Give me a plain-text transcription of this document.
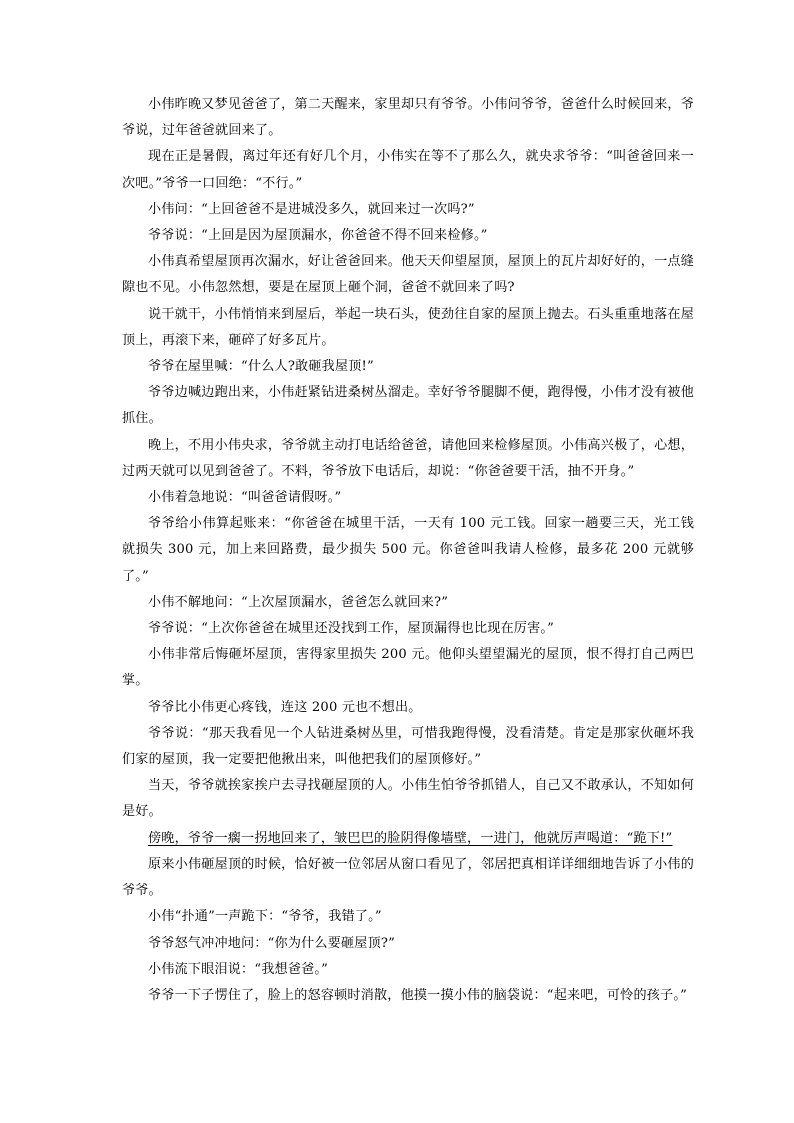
小伟昨晚又梦见爸爸了，第二天醒来，家里却只有爷爷。小伟问爷爷，爸爸什么时候回来，爷爷说，过年爸爸就回来了。

现在正是暑假，离过年还有好几个月，小伟实在等不了那么久，就央求爷爷：“叫爸爸回来一次吧。”爷爷一口回绝：“不行。”

小伟问：“上回爸爸不是进城没多久，就回来过一次吗?”

爷爷说：“上回是因为屋顶漏水，你爸爸不得不回来检修。”

小伟真希望屋顶再次漏水，好让爸爸回来。他天天仰望屋顶，屋顶上的瓦片却好好的，一点缝隙也不见。小伟忽然想，要是在屋顶上砸个洞，爸爸不就回来了吗?

说干就干，小伟悄悄来到屋后，举起一块石头，使劲往自家的屋顶上抛去。石头重重地落在屋顶上，再滚下来，砸碎了好多瓦片。

爷爷在屋里喊：“什么人?敢砸我屋顶!”

爷爷边喊边跑出来，小伟赶紧钻进桑树丛溜走。幸好爷爷腿脚不便，跑得慢，小伟才没有被他抓住。

晚上，不用小伟央求，爷爷就主动打电话给爸爸，请他回来检修屋顶。小伟高兴极了，心想，过两天就可以见到爸爸了。不料，爷爷放下电话后，却说：“你爸爸要干活，抽不开身。”

小伟着急地说：“叫爸爸请假呀。”

爷爷给小伟算起账来：“你爸爸在城里干活，一天有 100 元工钱。回家一趟要三天，光工钱就损失 300 元，加上来回路费，最少损失 500 元。你爸爸叫我请人检修，最多花 200 元就够了。”

小伟不解地问：“上次屋顶漏水，爸爸怎么就回来?”

爷爷说：“上次你爸爸在城里还没找到工作，屋顶漏得也比现在厉害。”

小伟非常后悔砸坏屋顶，害得家里损失 200 元。他仰头望望漏光的屋顶，恨不得打自己两巴掌。

爷爷比小伟更心疼钱，连这 200 元也不想出。

爷爷说：“那天我看见一个人钻进桑树丛里，可惜我跑得慢，没看清楚。肯定是那家伙砸坏我们家的屋顶，我一定要把他揪出来，叫他把我们的屋顶修好。”

当天，爷爷就挨家挨户去寻找砸屋顶的人。小伟生怕爷爷抓错人，自己又不敢承认，不知如何是好。

傍晚，爷爷一瘸一拐地回来了，皱巴巴的脸阴得像墙壁，一进门，他就厉声喝道：“跪下!”

原来小伟砸屋顶的时候，恰好被一位邻居从窗口看见了，邻居把真相详详细细地告诉了小伟的爷爷。

小伟“扑通”一声跪下：“爷爷，我错了。”

爷爷怒气冲冲地问：“你为什么要砸屋顶?”

小伟流下眼泪说：“我想爸爸。”

爷爷一下子愣住了，脸上的怒容顿时消散，他摸一摸小伟的脑袋说：“起来吧，可怜的孩子。”
